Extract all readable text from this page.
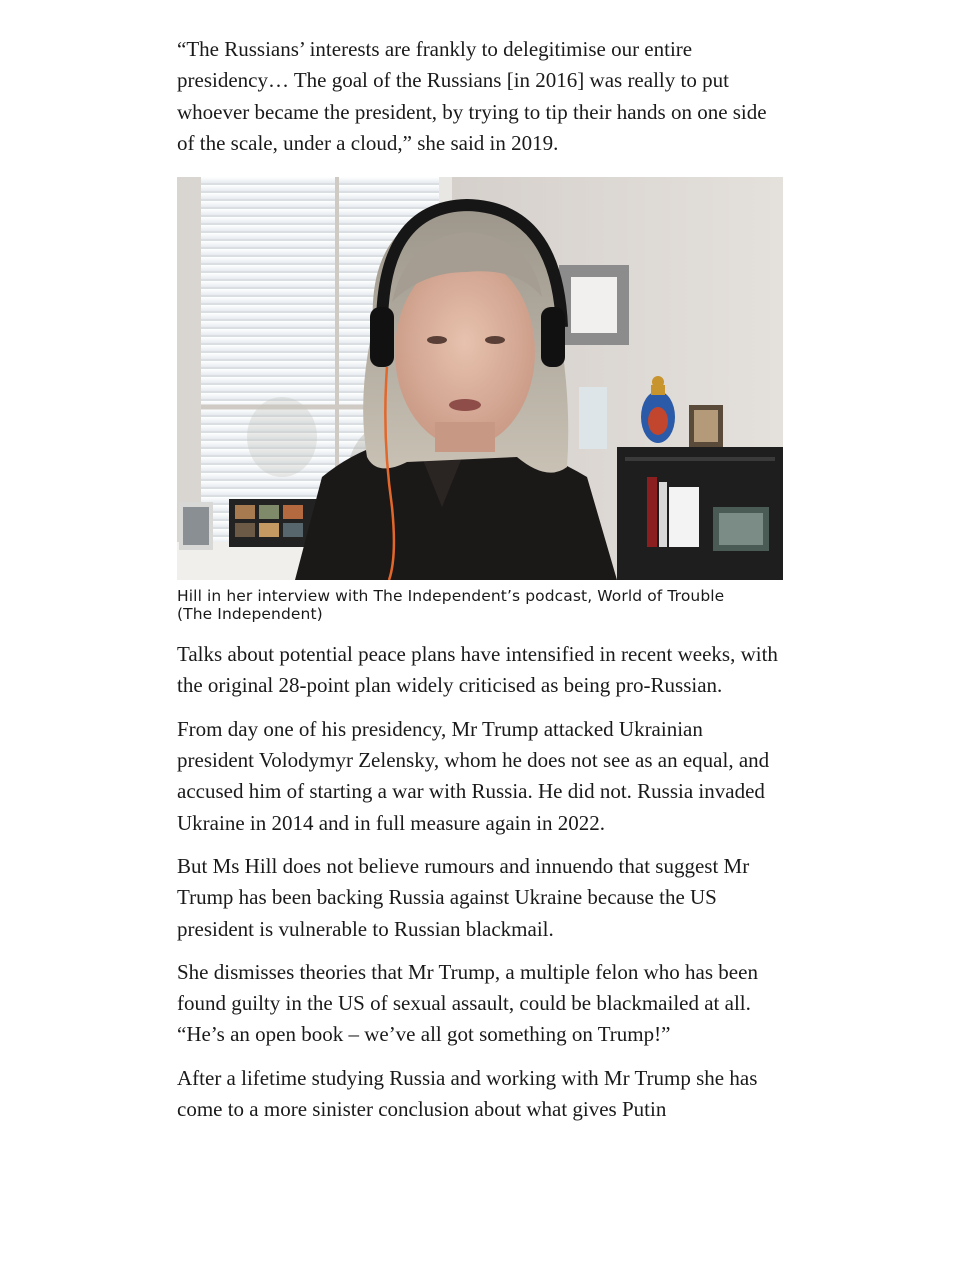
“The Russians’ interests are frankly to delegitimise our entire presidency… The goal of the Russians [in 2016] was really to put whoever became the president, by trying to tip their hands on one side of the scale, under a cloud,” she said in 2019.

Hill in her interview with The Independent’s podcast, World of Trouble
(The Independent)

Talks about potential peace plans have intensified in recent weeks, with the original 28-point plan widely criticised as being pro-Russian.

From day one of his presidency, Mr Trump attacked Ukrainian president Volodymyr Zelensky, whom he does not see as an equal, and accused him of starting a war with Russia. He did not. Russia invaded Ukraine in 2014 and in full measure again in 2022.

But Ms Hill does not believe rumours and innuendo that suggest Mr Trump has been backing Russia against Ukraine because the US president is vulnerable to Russian blackmail.

She dismisses theories that Mr Trump, a multiple felon who has been found guilty in the US of sexual assault, could be blackmailed at all. “He’s an open book – we’ve all got something on Trump!”

After a lifetime studying Russia and working with Mr Trump she has come to a more sinister conclusion about what gives Putin
